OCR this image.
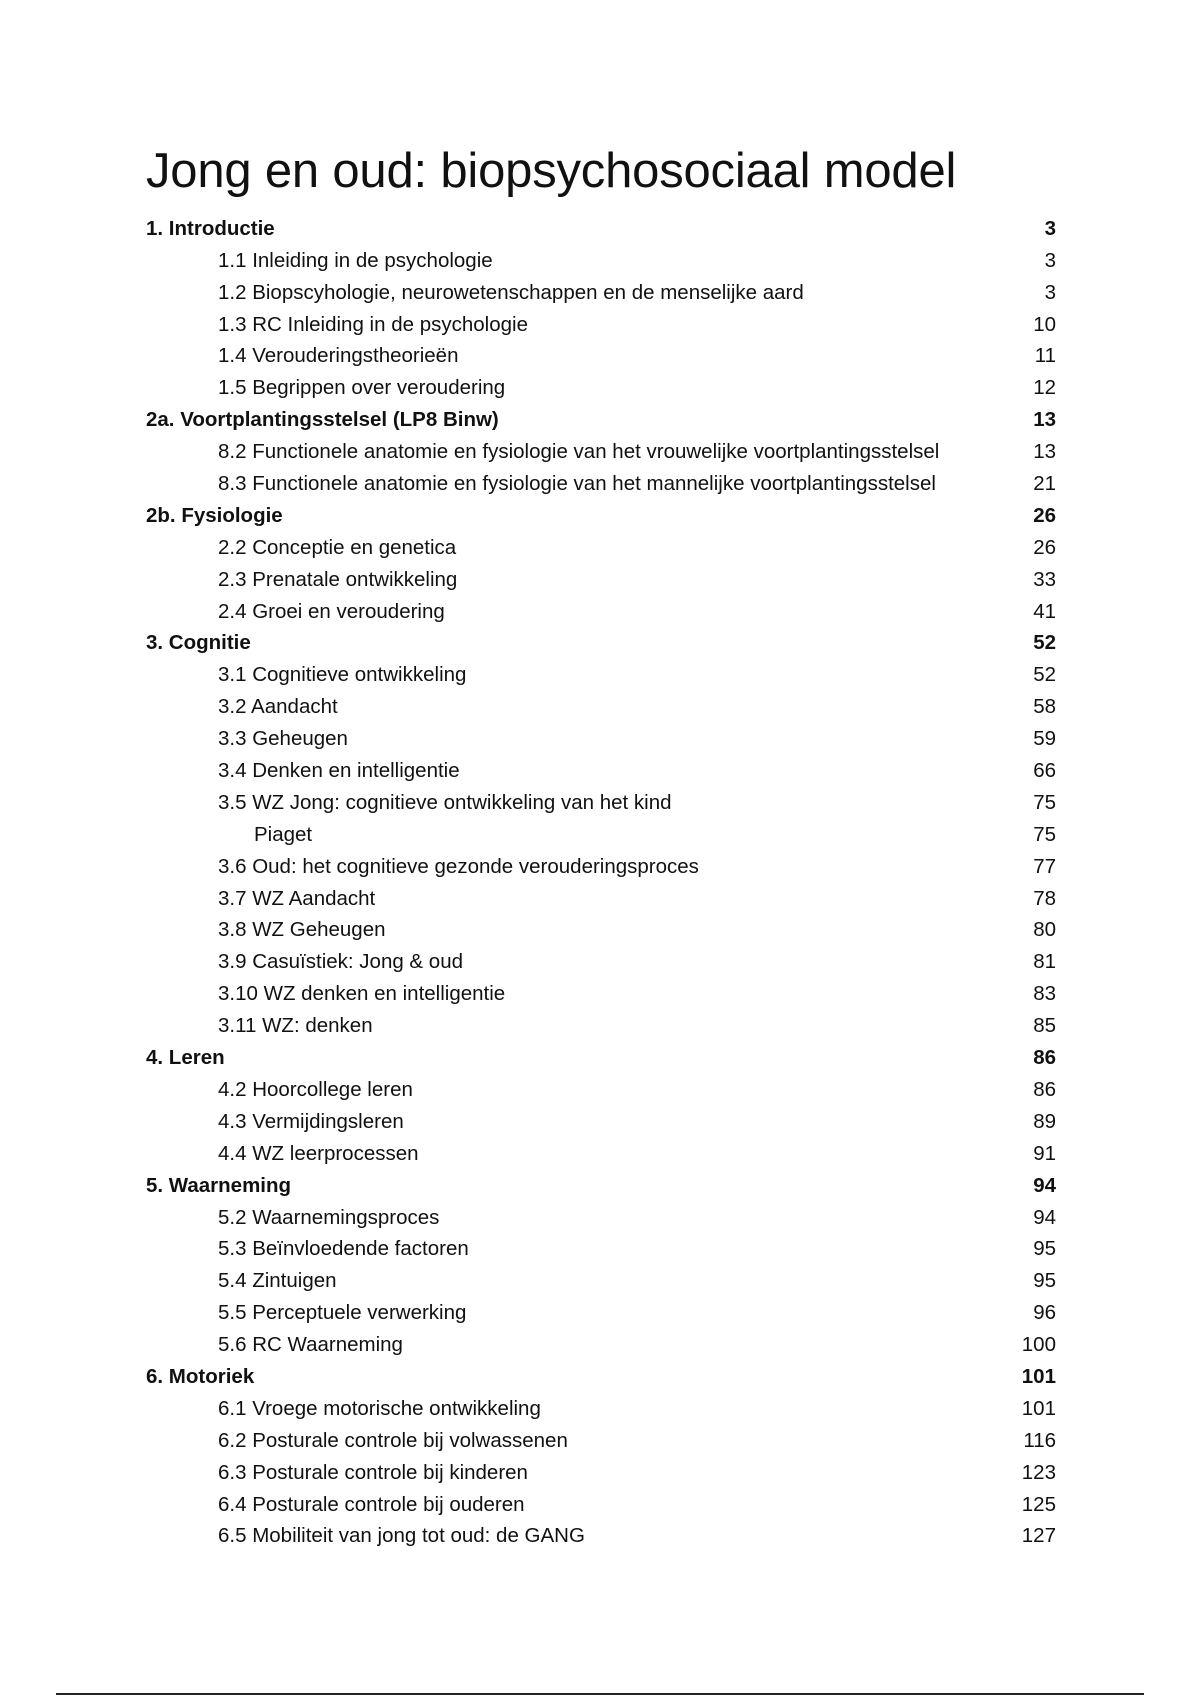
Jong en oud: biopsychosociaal model
1. Introductie	3
1.1 Inleiding in de psychologie	3
1.2 Biopscyhologie, neurowetenschappen en de menselijke aard	3
1.3 RC Inleiding in de psychologie	10
1.4 Verouderingstheorieën	11
1.5 Begrippen over veroudering	12
2a. Voortplantingsstelsel (LP8 Binw)	13
8.2 Functionele anatomie en fysiologie van het vrouwelijke voortplantingsstelsel	13
8.3 Functionele anatomie en fysiologie van het mannelijke voortplantingsstelsel	21
2b. Fysiologie	26
2.2 Conceptie en genetica	26
2.3 Prenatale ontwikkeling	33
2.4 Groei en veroudering	41
3. Cognitie	52
3.1 Cognitieve ontwikkeling	52
3.2 Aandacht	58
3.3 Geheugen	59
3.4 Denken en intelligentie	66
3.5 WZ Jong: cognitieve ontwikkeling van het kind	75
Piaget	75
3.6 Oud: het cognitieve gezonde verouderingsproces	77
3.7 WZ Aandacht	78
3.8 WZ Geheugen	80
3.9 Casuïstiek: Jong & oud	81
3.10 WZ denken en intelligentie	83
3.11 WZ: denken	85
4. Leren	86
4.2 Hoorcollege leren	86
4.3 Vermijdingsleren	89
4.4 WZ leerprocessen	91
5. Waarneming	94
5.2 Waarnemingsproces	94
5.3 Beïnvloedende factoren	95
5.4 Zintuigen	95
5.5 Perceptuele verwerking	96
5.6 RC Waarneming	100
6. Motoriek	101
6.1 Vroege motorische ontwikkeling	101
6.2 Posturale controle bij volwassenen	116
6.3 Posturale controle bij kinderen	123
6.4 Posturale controle bij ouderen	125
6.5 Mobiliteit van jong tot oud: de GANG	127
